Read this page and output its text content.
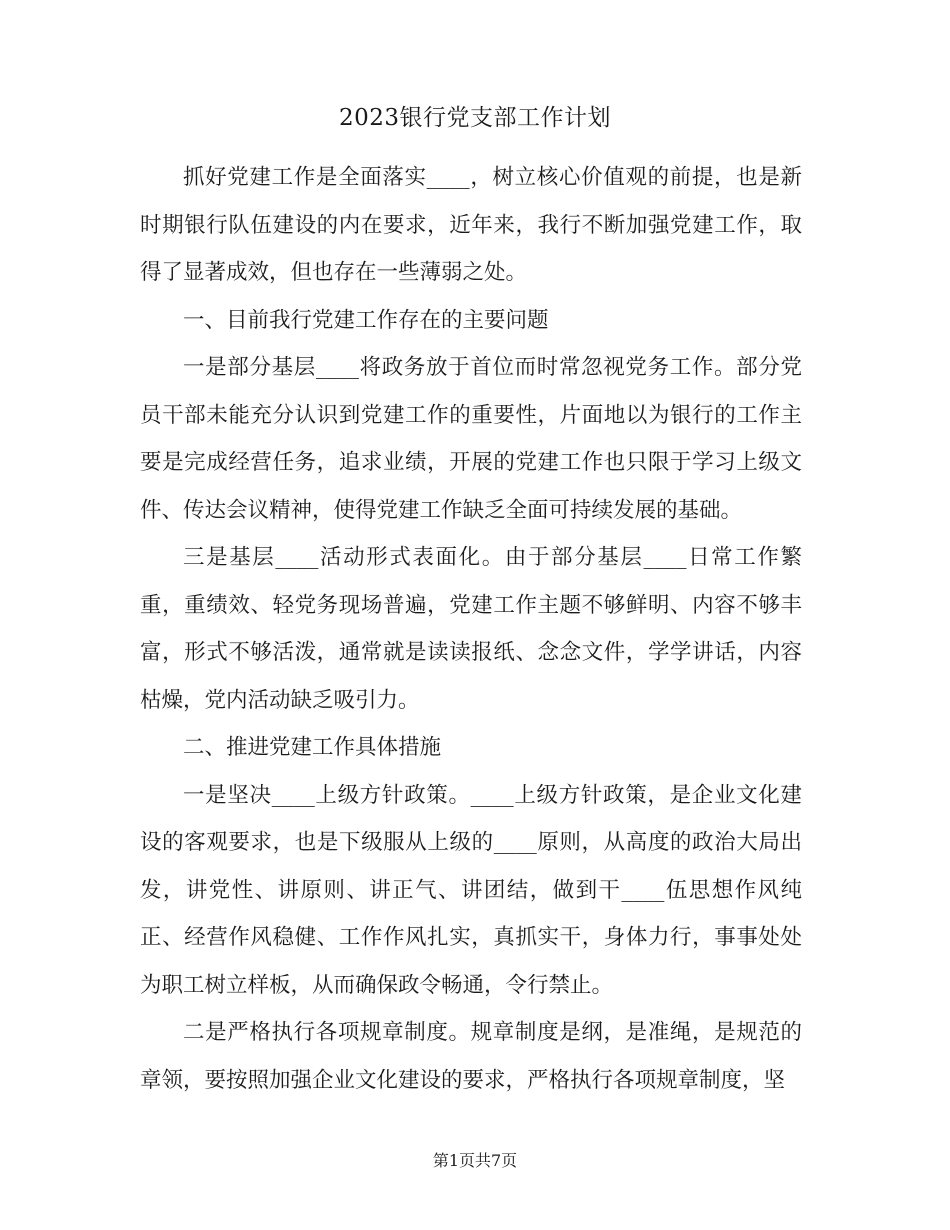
2023银行党支部工作计划

抓好党建工作是全面落实____，树立核心价值观的前提，也是新时期银行队伍建设的内在要求，近年来，我行不断加强党建工作，取得了显著成效，但也存在一些薄弱之处。

一、目前我行党建工作存在的主要问题

一是部分基层____将政务放于首位而时常忽视党务工作。部分党员干部未能充分认识到党建工作的重要性，片面地以为银行的工作主要是完成经营任务，追求业绩，开展的党建工作也只限于学习上级文件、传达会议精神，使得党建工作缺乏全面可持续发展的基础。

三是基层____活动形式表面化。由于部分基层____日常工作繁重，重绩效、轻党务现场普遍，党建工作主题不够鲜明、内容不够丰富，形式不够活泼，通常就是读读报纸、念念文件，学学讲话，内容枯燥，党内活动缺乏吸引力。

二、推进党建工作具体措施

一是坚决____上级方针政策。____上级方针政策，是企业文化建设的客观要求，也是下级服从上级的____原则，从高度的政治大局出发，讲党性、讲原则、讲正气、讲团结，做到干____伍思想作风纯正、经营作风稳健、工作作风扎实，真抓实干，身体力行，事事处处为职工树立样板，从而确保政令畅通，令行禁止。

二是严格执行各项规章制度。规章制度是纲，是准绳，是规范的章领，要按照加强企业文化建设的要求，严格执行各项规章制度，坚

第1页共7页
